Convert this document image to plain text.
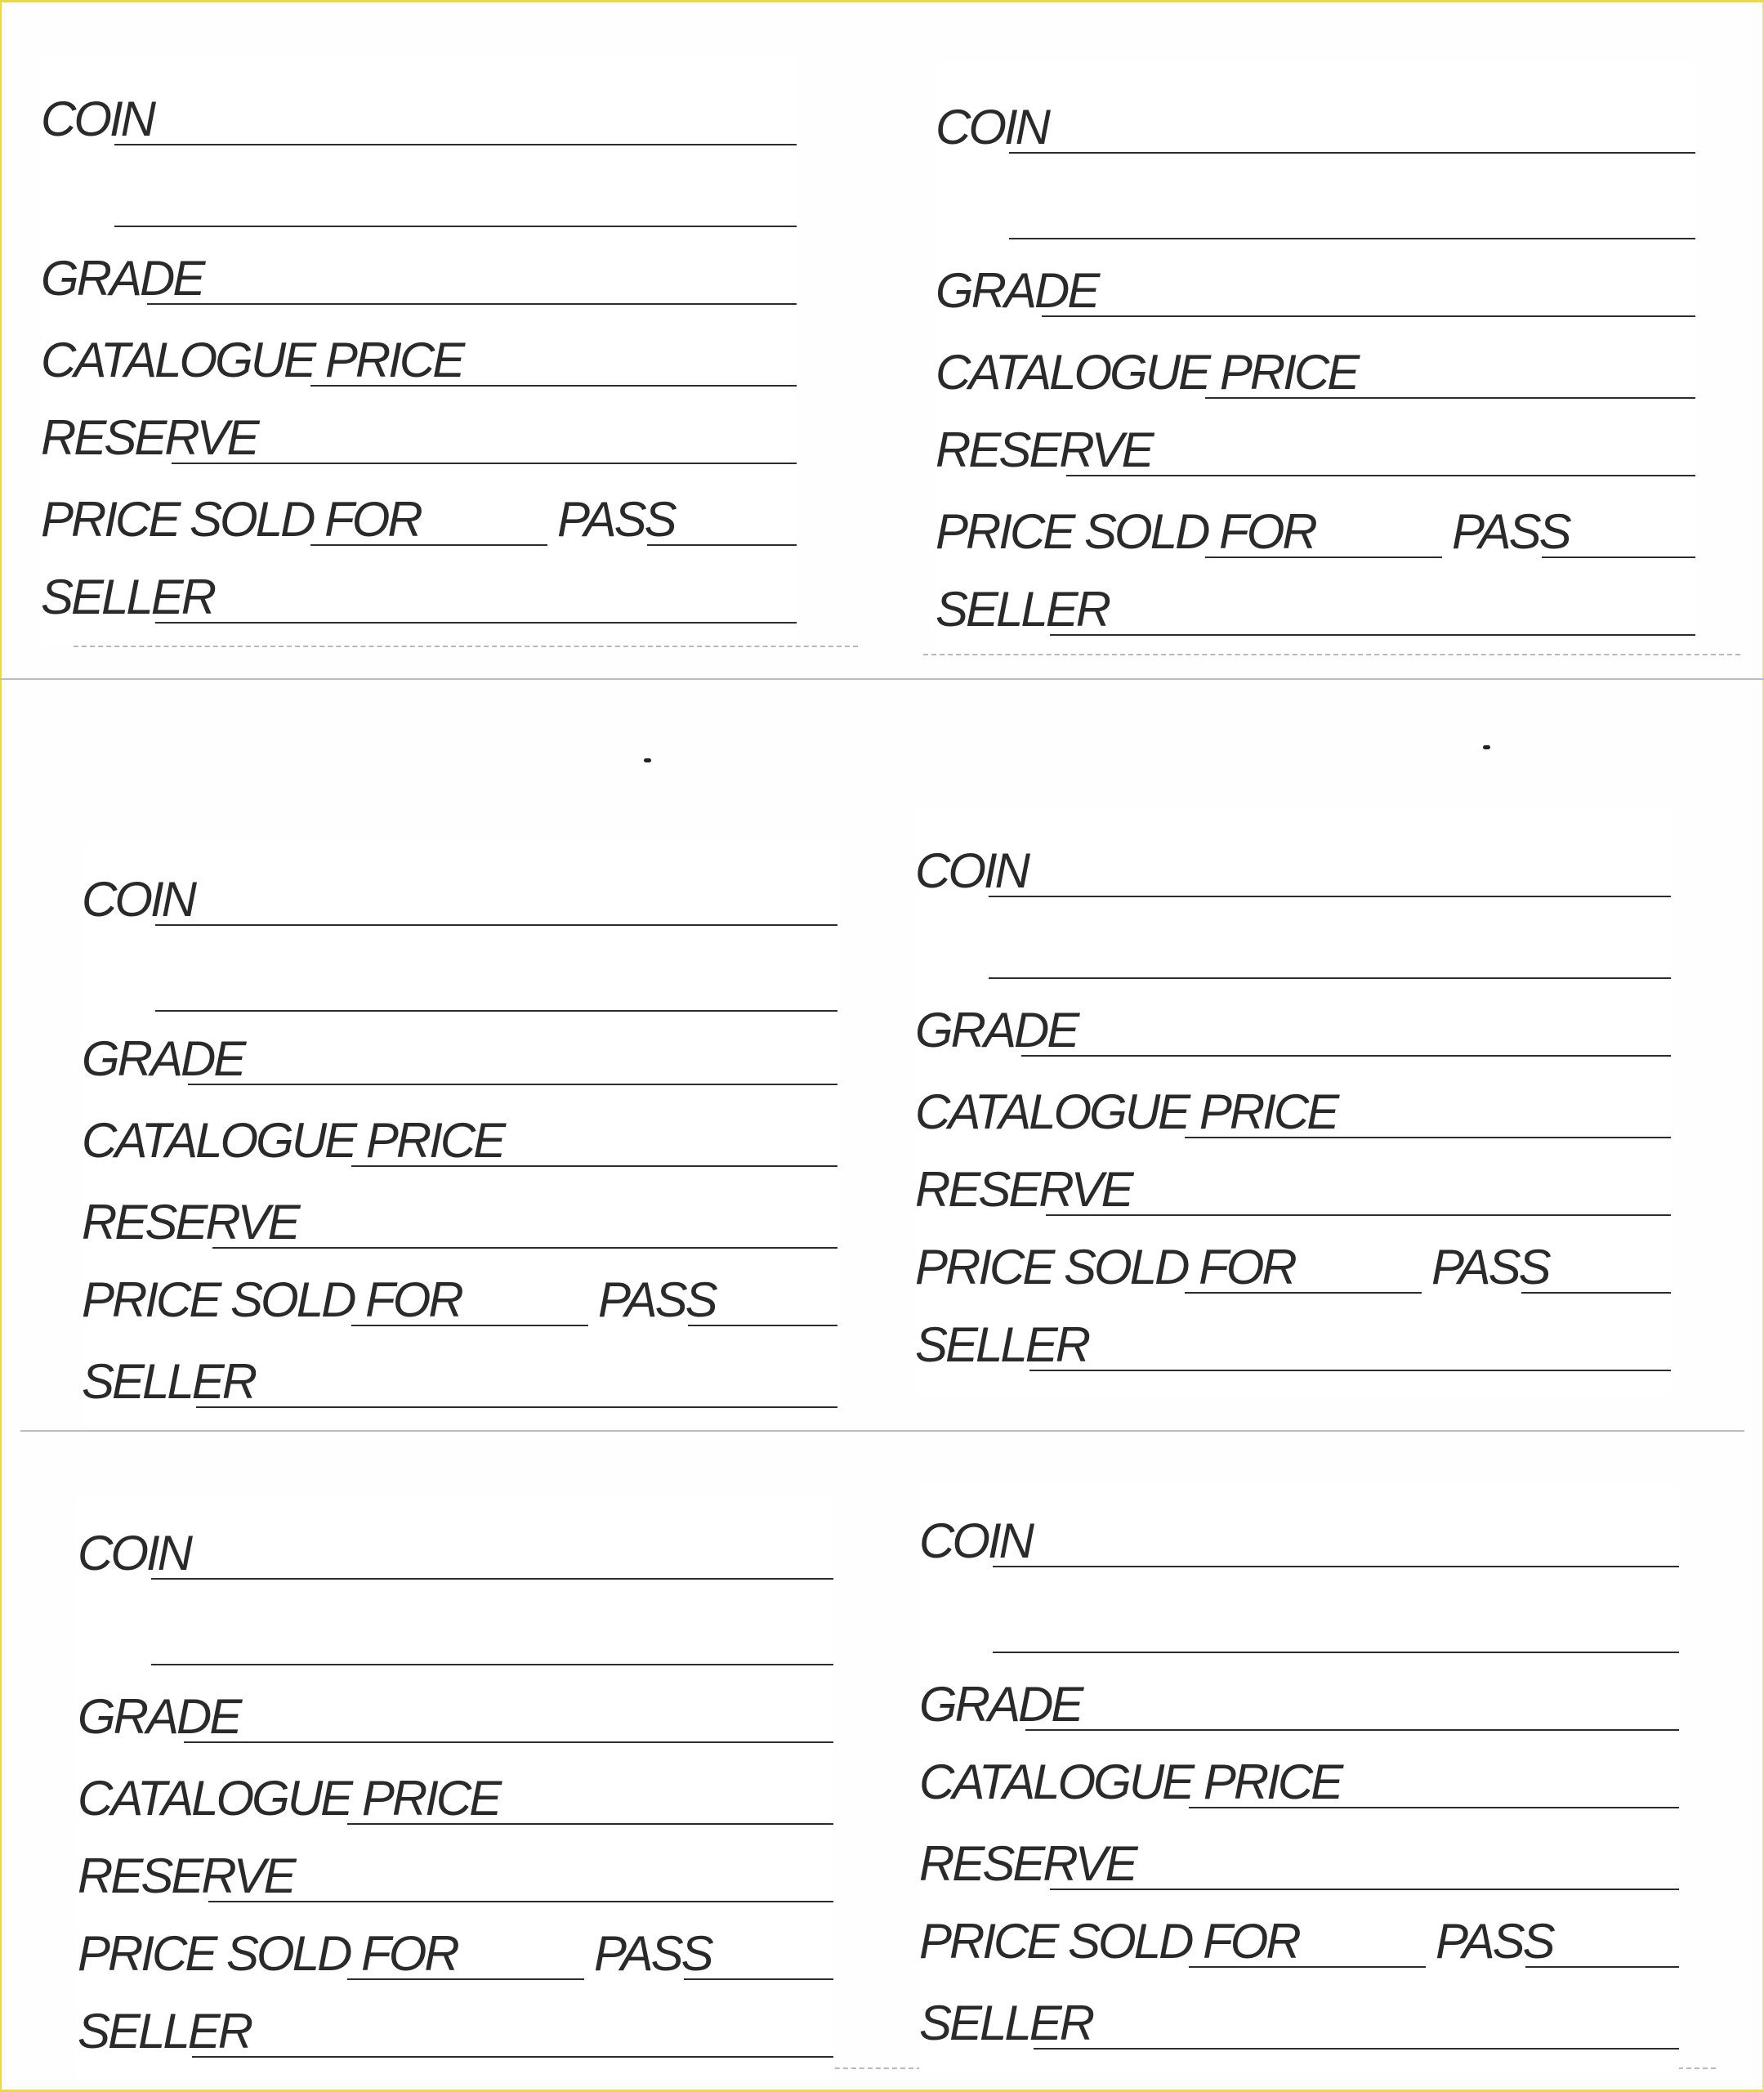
COIN
GRADE
CATALOGUE PRICE
RESERVE
PRICE SOLD FOR	PASS
SELLER
COIN
GRADE
CATALOGUE PRICE
RESERVE
PRICE SOLD FOR	PASS
SELLER
COIN
GRADE
CATALOGUE PRICE
RESERVE
PRICE SOLD FOR	PASS
SELLER
COIN
GRADE
CATALOGUE PRICE
RESERVE
PRICE SOLD FOR	PASS
SELLER
COIN
GRADE
CATALOGUE PRICE
RESERVE
PRICE SOLD FOR	PASS
SELLER
COIN
GRADE
CATALOGUE PRICE
RESERVE
PRICE SOLD FOR	PASS
SELLER
